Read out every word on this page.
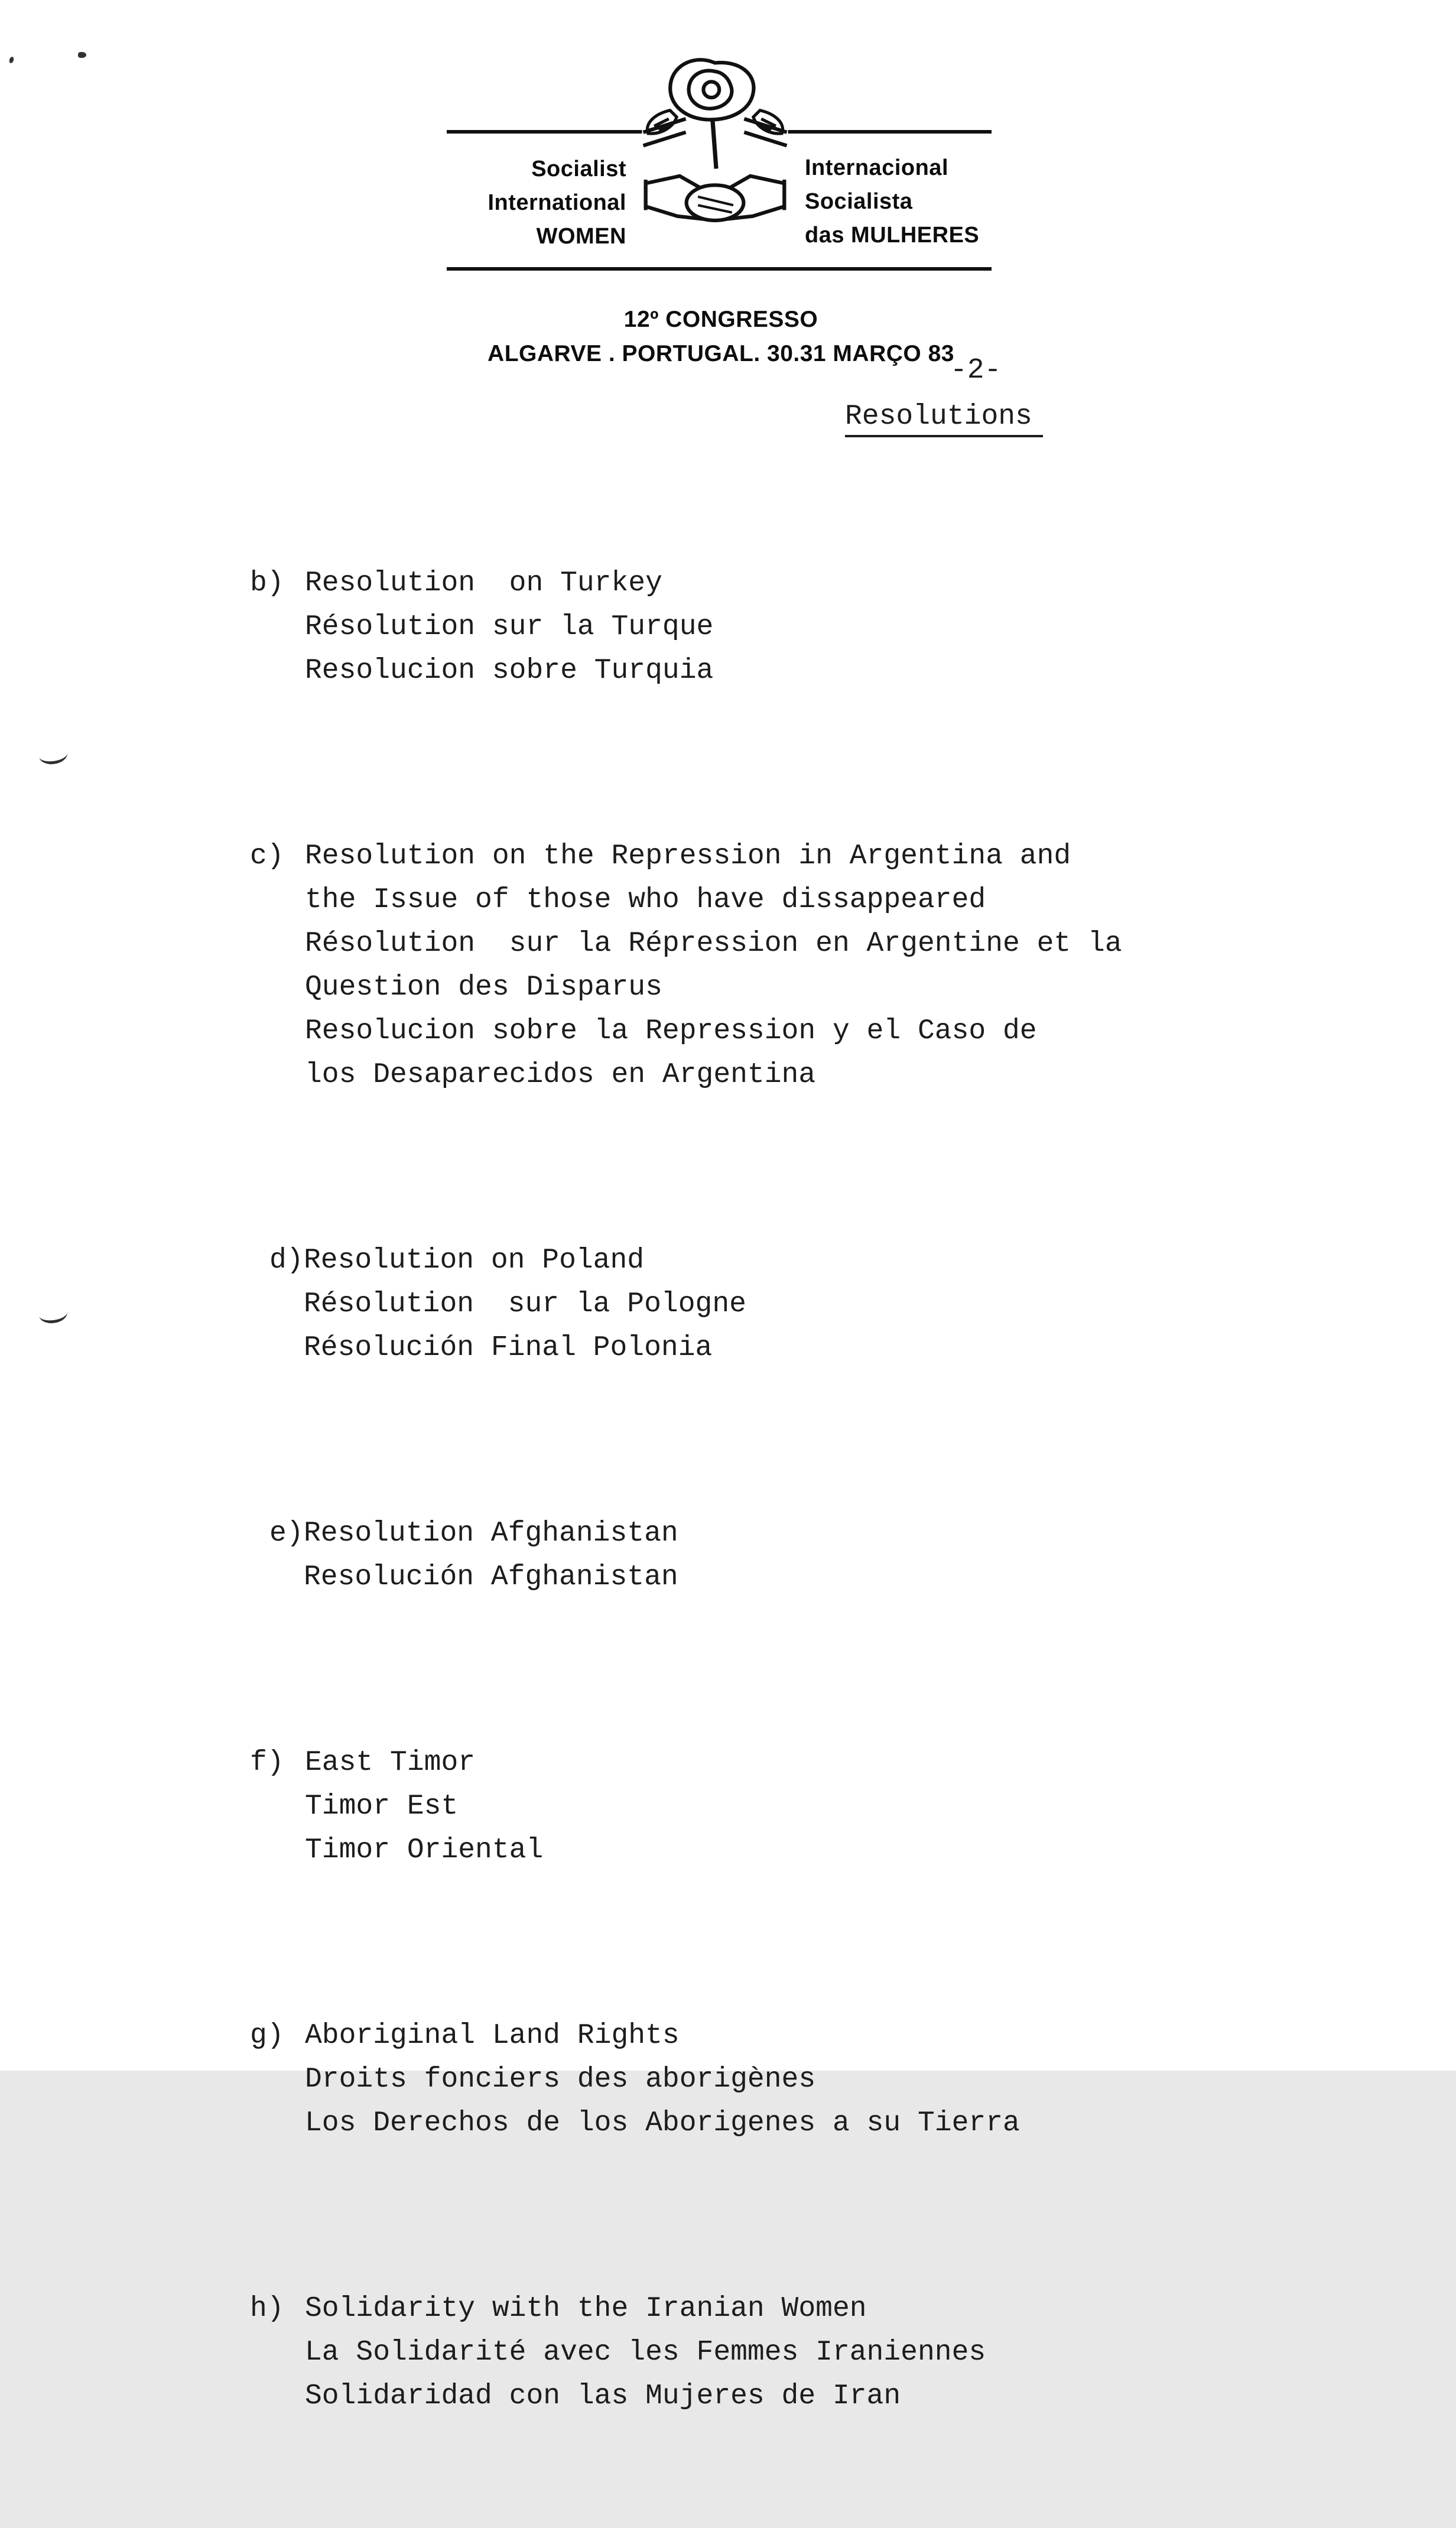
Socialist
International
WOMEN
Internacional
Socialista
das MULHERES
12º CONGRESSO
ALGARVE . PORTUGAL. 30.31 MARÇO 83
-2-
Resolutions

b) Resolution  on Turkey
Résolution sur la Turque
Resolucion sobre Turquia

c) Resolution on the Repression in Argentina and
the Issue of those who have dissappeared
Résolution  sur la Répression en Argentine et la
Question des Disparus
Resolucion sobre la Repression y el Caso de
los Desaparecidos en Argentina

d) Resolution on Poland
Résolution  sur la Pologne
Résolución Final Polonia

e) Resolution Afghanistan
Resolución Afghanistan

f) East Timor
Timor Est
Timor Oriental

g) Aboriginal Land Rights
Droits fonciers des aborigènes
Los Derechos de los Aborigenes a su Tierra

h) Solidarity with the Iranian Women
La Solidarité avec les Femmes Iraniennes
Solidaridad con las Mujeres de Iran
